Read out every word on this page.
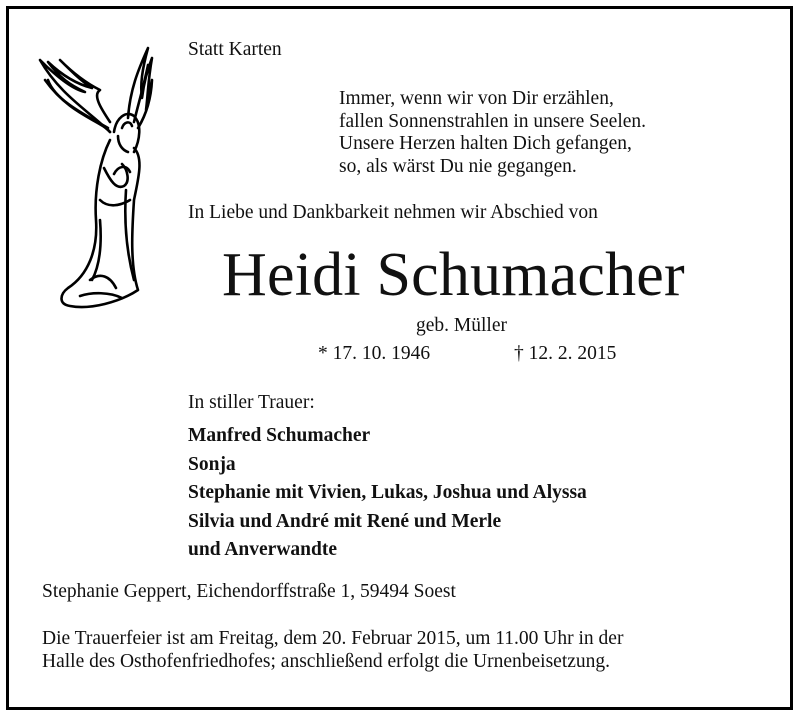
Statt Karten
Immer, wenn wir von Dir erzählen,
fallen Sonnenstrahlen in unsere Seelen.
Unsere Herzen halten Dich gefangen,
so, als wärst Du nie gegangen.
In Liebe und Dankbarkeit nehmen wir Abschied von
Heidi Schumacher
geb. Müller
* 17. 10. 1946	† 12. 2. 2015
In stiller Trauer:
Manfred Schumacher
Sonja
Stephanie mit Vivien, Lukas, Joshua und Alyssa
Silvia und André mit René und Merle
und Anverwandte
Stephanie Geppert, Eichendorffstraße 1, 59494 Soest
Die Trauerfeier ist am Freitag, dem 20. Februar 2015, um 11.00 Uhr in der
Halle des Osthofenfriedhofes; anschließend erfolgt die Urnenbeisetzung.
